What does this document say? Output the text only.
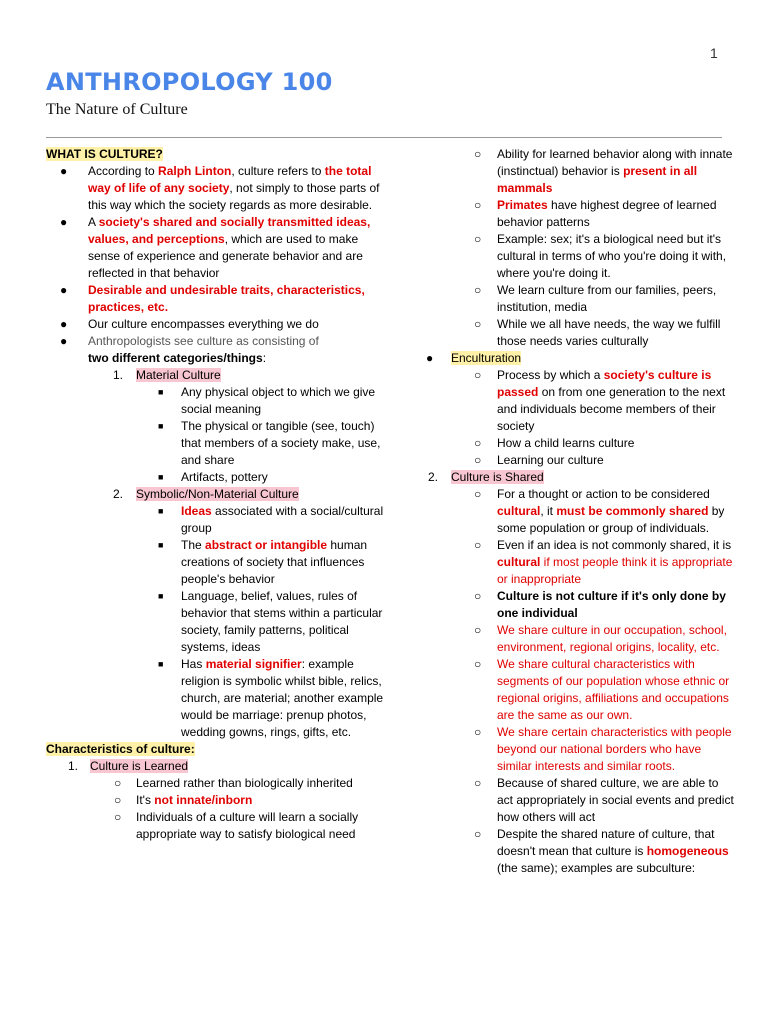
1
ANTHROPOLOGY 100
The Nature of Culture

WHAT IS CULTURE?

● According to Ralph Linton, culture refers to the total way of life of any society, not simply to those parts of this way which the society regards as more desirable.
● A society's shared and socially transmitted ideas, values, and perceptions, which are used to make sense of experience and generate behavior and are reflected in that behavior
● Desirable and undesirable traits, characteristics, practices, etc.
● Our culture encompasses everything we do
● Anthropologists see culture as consisting of
two different categories/things:
1. Material Culture
■ Any physical object to which we give social meaning
■ The physical or tangible (see, touch) that members of a society make, use, and share
■ Artifacts, pottery
2. Symbolic/Non-Material Culture
■ Ideas associated with a social/cultural group
■ The abstract or intangible human creations of society that influences people's behavior
■ Language, belief, values, rules of behavior that stems within a particular society, family patterns, political systems, ideas
■ Has material signifier: example religion is symbolic whilst bible, relics, church, are material; another example would be marriage: prenup photos, wedding gowns, rings, gifts, etc.

Characteristics of culture:

1. Culture is Learned
○ Learned rather than biologically inherited
○ It's not innate/inborn
○ Individuals of a culture will learn a socially appropriate way to satisfy biological need
○ Ability for learned behavior along with innate (instinctual) behavior is present in all mammals
○ Primates have highest degree of learned behavior patterns
○ Example: sex; it's a biological need but it's cultural in terms of who you're doing it with, where you're doing it.
○ We learn culture from our families, peers, institution, media
○ While we all have needs, the way we fulfill those needs varies culturally
● Enculturation
○ Process by which a society's culture is passed on from one generation to the next and individuals become members of their society
○ How a child learns culture
○ Learning our culture
2. Culture is Shared
○ For a thought or action to be considered cultural, it must be commonly shared by some population or group of individuals.
○ Even if an idea is not commonly shared, it is cultural if most people think it is appropriate or inappropriate
○ Culture is not culture if it's only done by one individual
○ We share culture in our occupation, school, environment, regional origins, locality, etc.
○ We share cultural characteristics with segments of our population whose ethnic or regional origins, affiliations and occupations are the same as our own.
○ We share certain characteristics with people beyond our national borders who have similar interests and similar roots.
○ Because of shared culture, we are able to act appropriately in social events and predict how others will act
○ Despite the shared nature of culture, that doesn't mean that culture is homogeneous (the same); examples are subculture:
